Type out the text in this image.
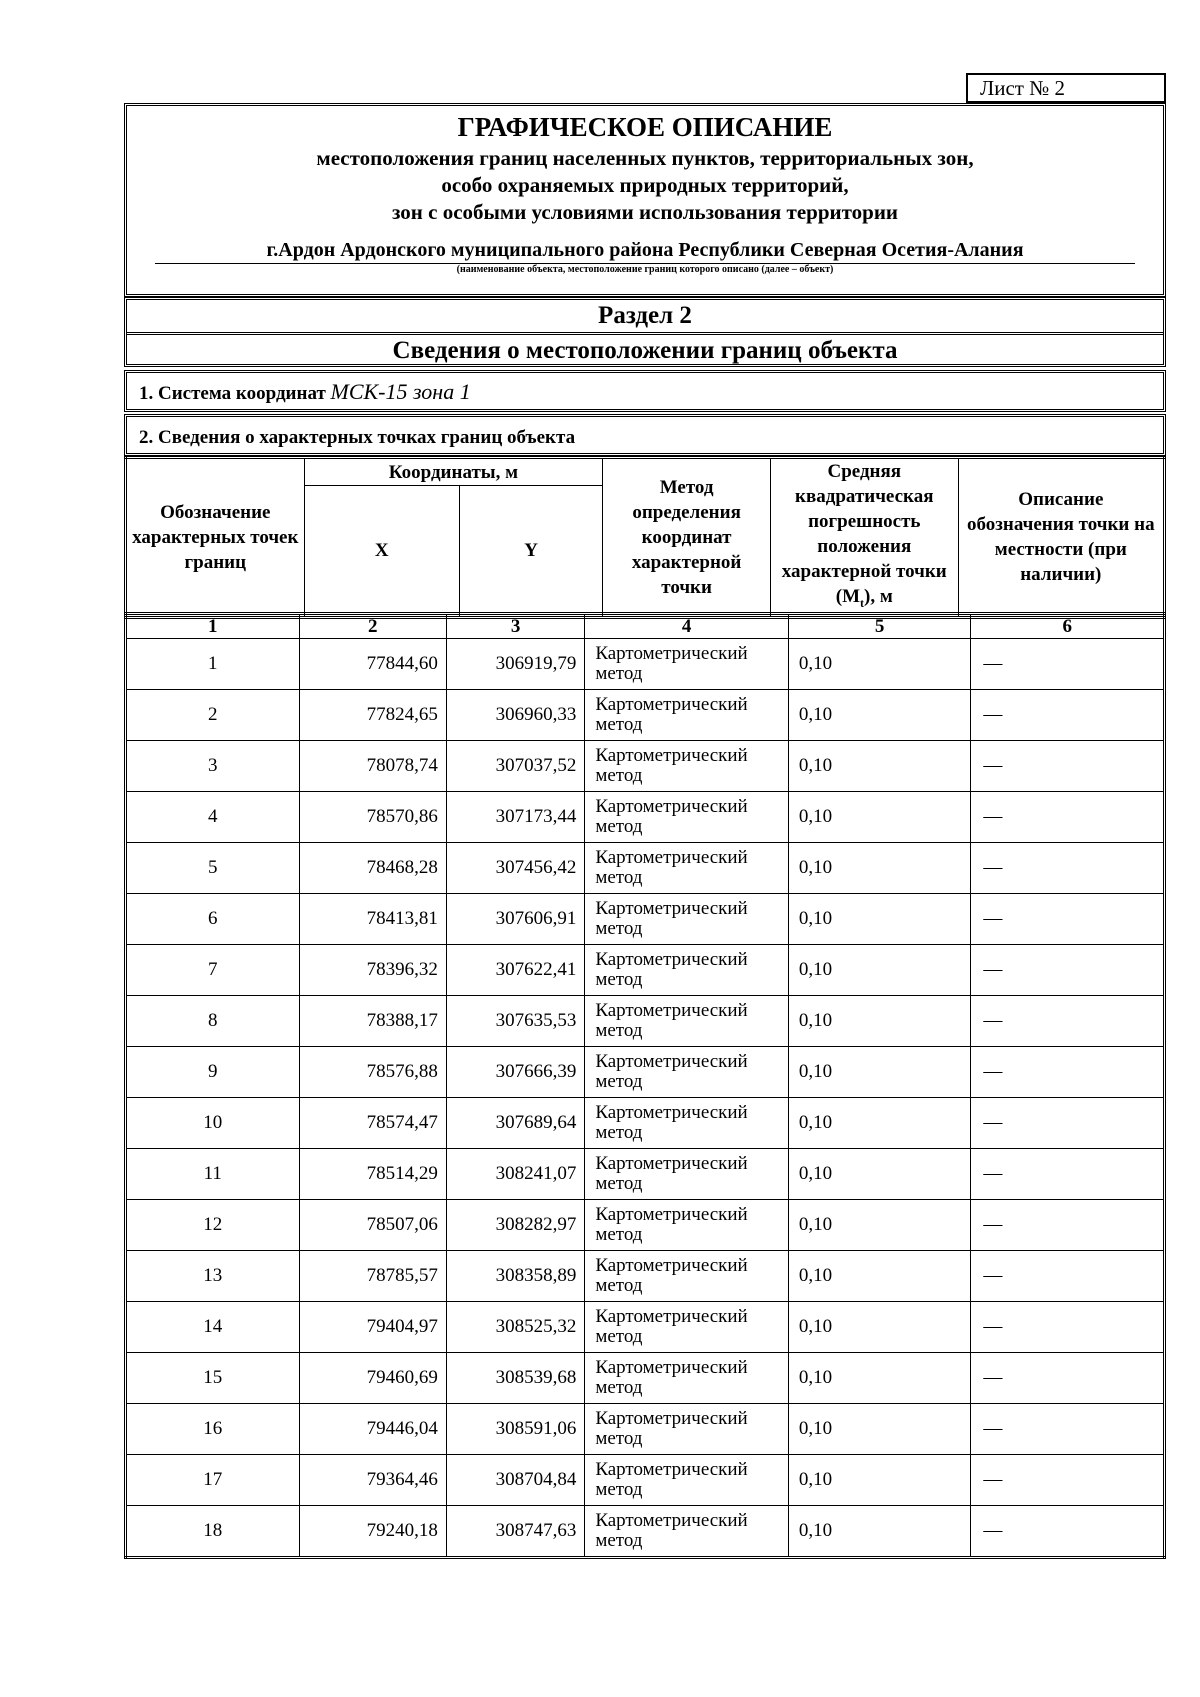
Лист № 2
ГРАФИЧЕСКОЕ ОПИСАНИЕ
местоположения границ населенных пунктов, территориальных зон,
особо охраняемых природных территорий,
зон с особыми условиями использования территории
г.Ардон Ардонского муниципального района Республики Северная Осетия-Алания
(наименование объекта, местоположение границ которого описано (далее – объект)
Раздел 2
Сведения о местоположении границ объекта
1. Система координат МСК-15 зона 1
2. Сведения о характерных точках границ объекта
Обозначение характерных точек границ	Координаты, м		Метод определения координат характерной точки	Средняя квадратическая погрешность положения характерной точки $(M_t)$, м	Описание обозначения точки на местности (при наличии)
	X	Y			
1	2	3	4	5	6
1	77844,60	306919,79	Картометрический метод	0,10	—
2	77824,65	306960,33	Картометрический метод	0,10	—
3	78078,74	307037,52	Картометрический метод	0,10	—
4	78570,86	307173,44	Картометрический метод	0,10	—
5	78468,28	307456,42	Картометрический метод	0,10	—
6	78413,81	307606,91	Картометрический метод	0,10	—
7	78396,32	307622,41	Картометрический метод	0,10	—
8	78388,17	307635,53	Картометрический метод	0,10	—
9	78576,88	307666,39	Картометрический метод	0,10	—
10	78574,47	307689,64	Картометрический метод	0,10	—
11	78514,29	308241,07	Картометрический метод	0,10	—
12	78507,06	308282,97	Картометрический метод	0,10	—
13	78785,57	308358,89	Картометрический метод	0,10	—
14	79404,97	308525,32	Картометрический метод	0,10	—
15	79460,69	308539,68	Картометрический метод	0,10	—
16	79446,04	308591,06	Картометрический метод	0,10	—
17	79364,46	308704,84	Картометрический метод	0,10	—
18	79240,18	308747,63	Картометрический метод	0,10	—
